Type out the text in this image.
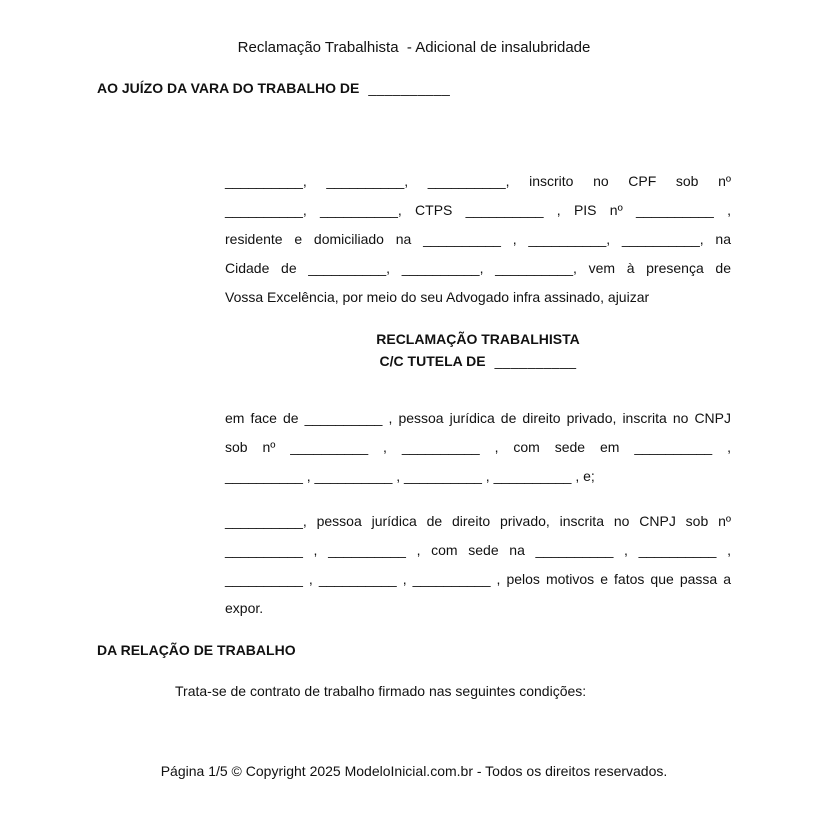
Reclamação Trabalhista  - Adicional de insalubridade
AO JUÍZO DA VARA DO TRABALHO DE __________
__________, __________, __________, inscrito no CPF sob nº
__________, __________, CTPS __________ , PIS nº __________ ,
residente e domiciliado na __________ , __________, __________, na
Cidade de __________, __________, __________, vem à presença de
Vossa Excelência, por meio do seu Advogado infra assinado, ajuizar
RECLAMAÇÃO TRABALHISTA
C/C TUTELA DE __________
em face de __________ , pessoa jurídica de direito privado, inscrita no CNPJ
sob nº __________ , __________ , com sede em __________ ,
__________ , __________ , __________ , __________ , e;
__________, pessoa jurídica de direito privado, inscrita no CNPJ sob nº
__________ , __________ , com sede na __________ , __________ ,
__________ , __________ , __________ , pelos motivos e fatos que passa a
expor.
DA RELAÇÃO DE TRABALHO
Trata-se de contrato de trabalho firmado nas seguintes condições:
Página 1/5 © Copyright 2025 ModeloInicial.com.br - Todos os direitos reservados.
